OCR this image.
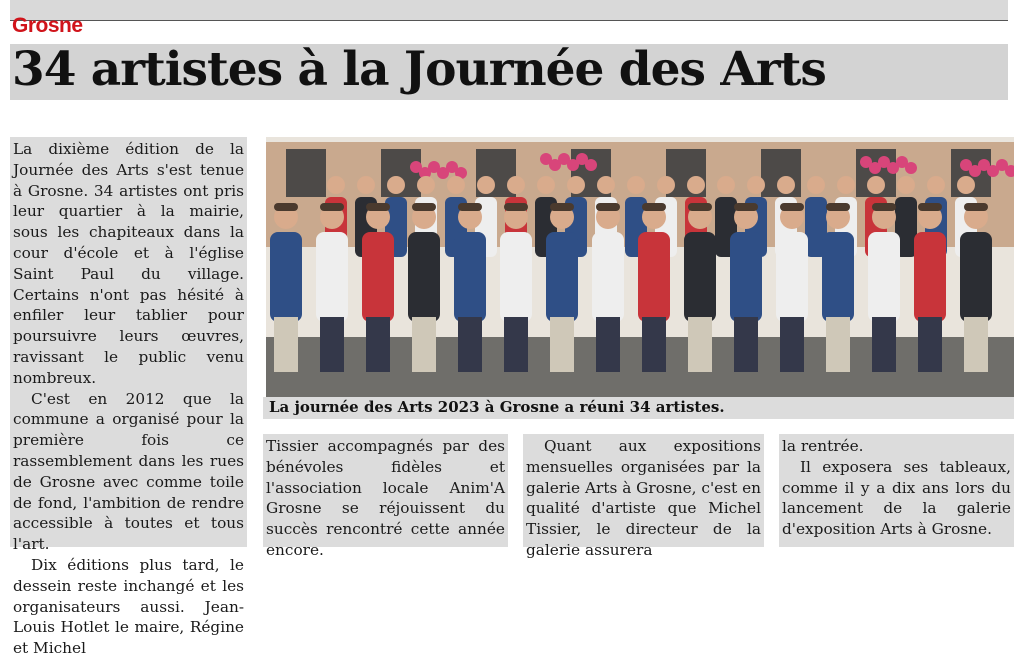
Grosne
34 artistes à la Journée des Arts

La dixième édition de la Journée des Arts s'est tenue à Grosne. 34 artistes ont pris leur quartier à la mairie, sous les chapiteaux dans la cour d'école et à l'église Saint Paul du village. Certains n'ont pas hésité à enfiler leur tablier pour poursuivre leurs œuvres, ravissant le public venu nombreux.

C'est en 2012 que la commune a organisé pour la première fois ce rassemblement dans les rues de Grosne avec comme toile de fond, l'ambition de rendre accessible à toutes et tous l'art.

Dix éditions plus tard, le dessein reste inchangé et les organisateurs aussi. Jean-Louis Hotlet le maire, Régine et Michel

La journée des Arts 2023 à Grosne a réuni 34 artistes.

Tissier accompagnés par des bénévoles fidèles et l'association locale Anim'A Grosne se réjouissent du succès rencontré cette année encore.

Quant aux expositions mensuelles organisées par la galerie Arts à Grosne, c'est en qualité d'artiste que Michel Tissier, le directeur de la galerie assurera

la rentrée.

Il exposera ses tableaux, comme il y a dix ans lors du lancement de la galerie d'exposition Arts à Grosne.
